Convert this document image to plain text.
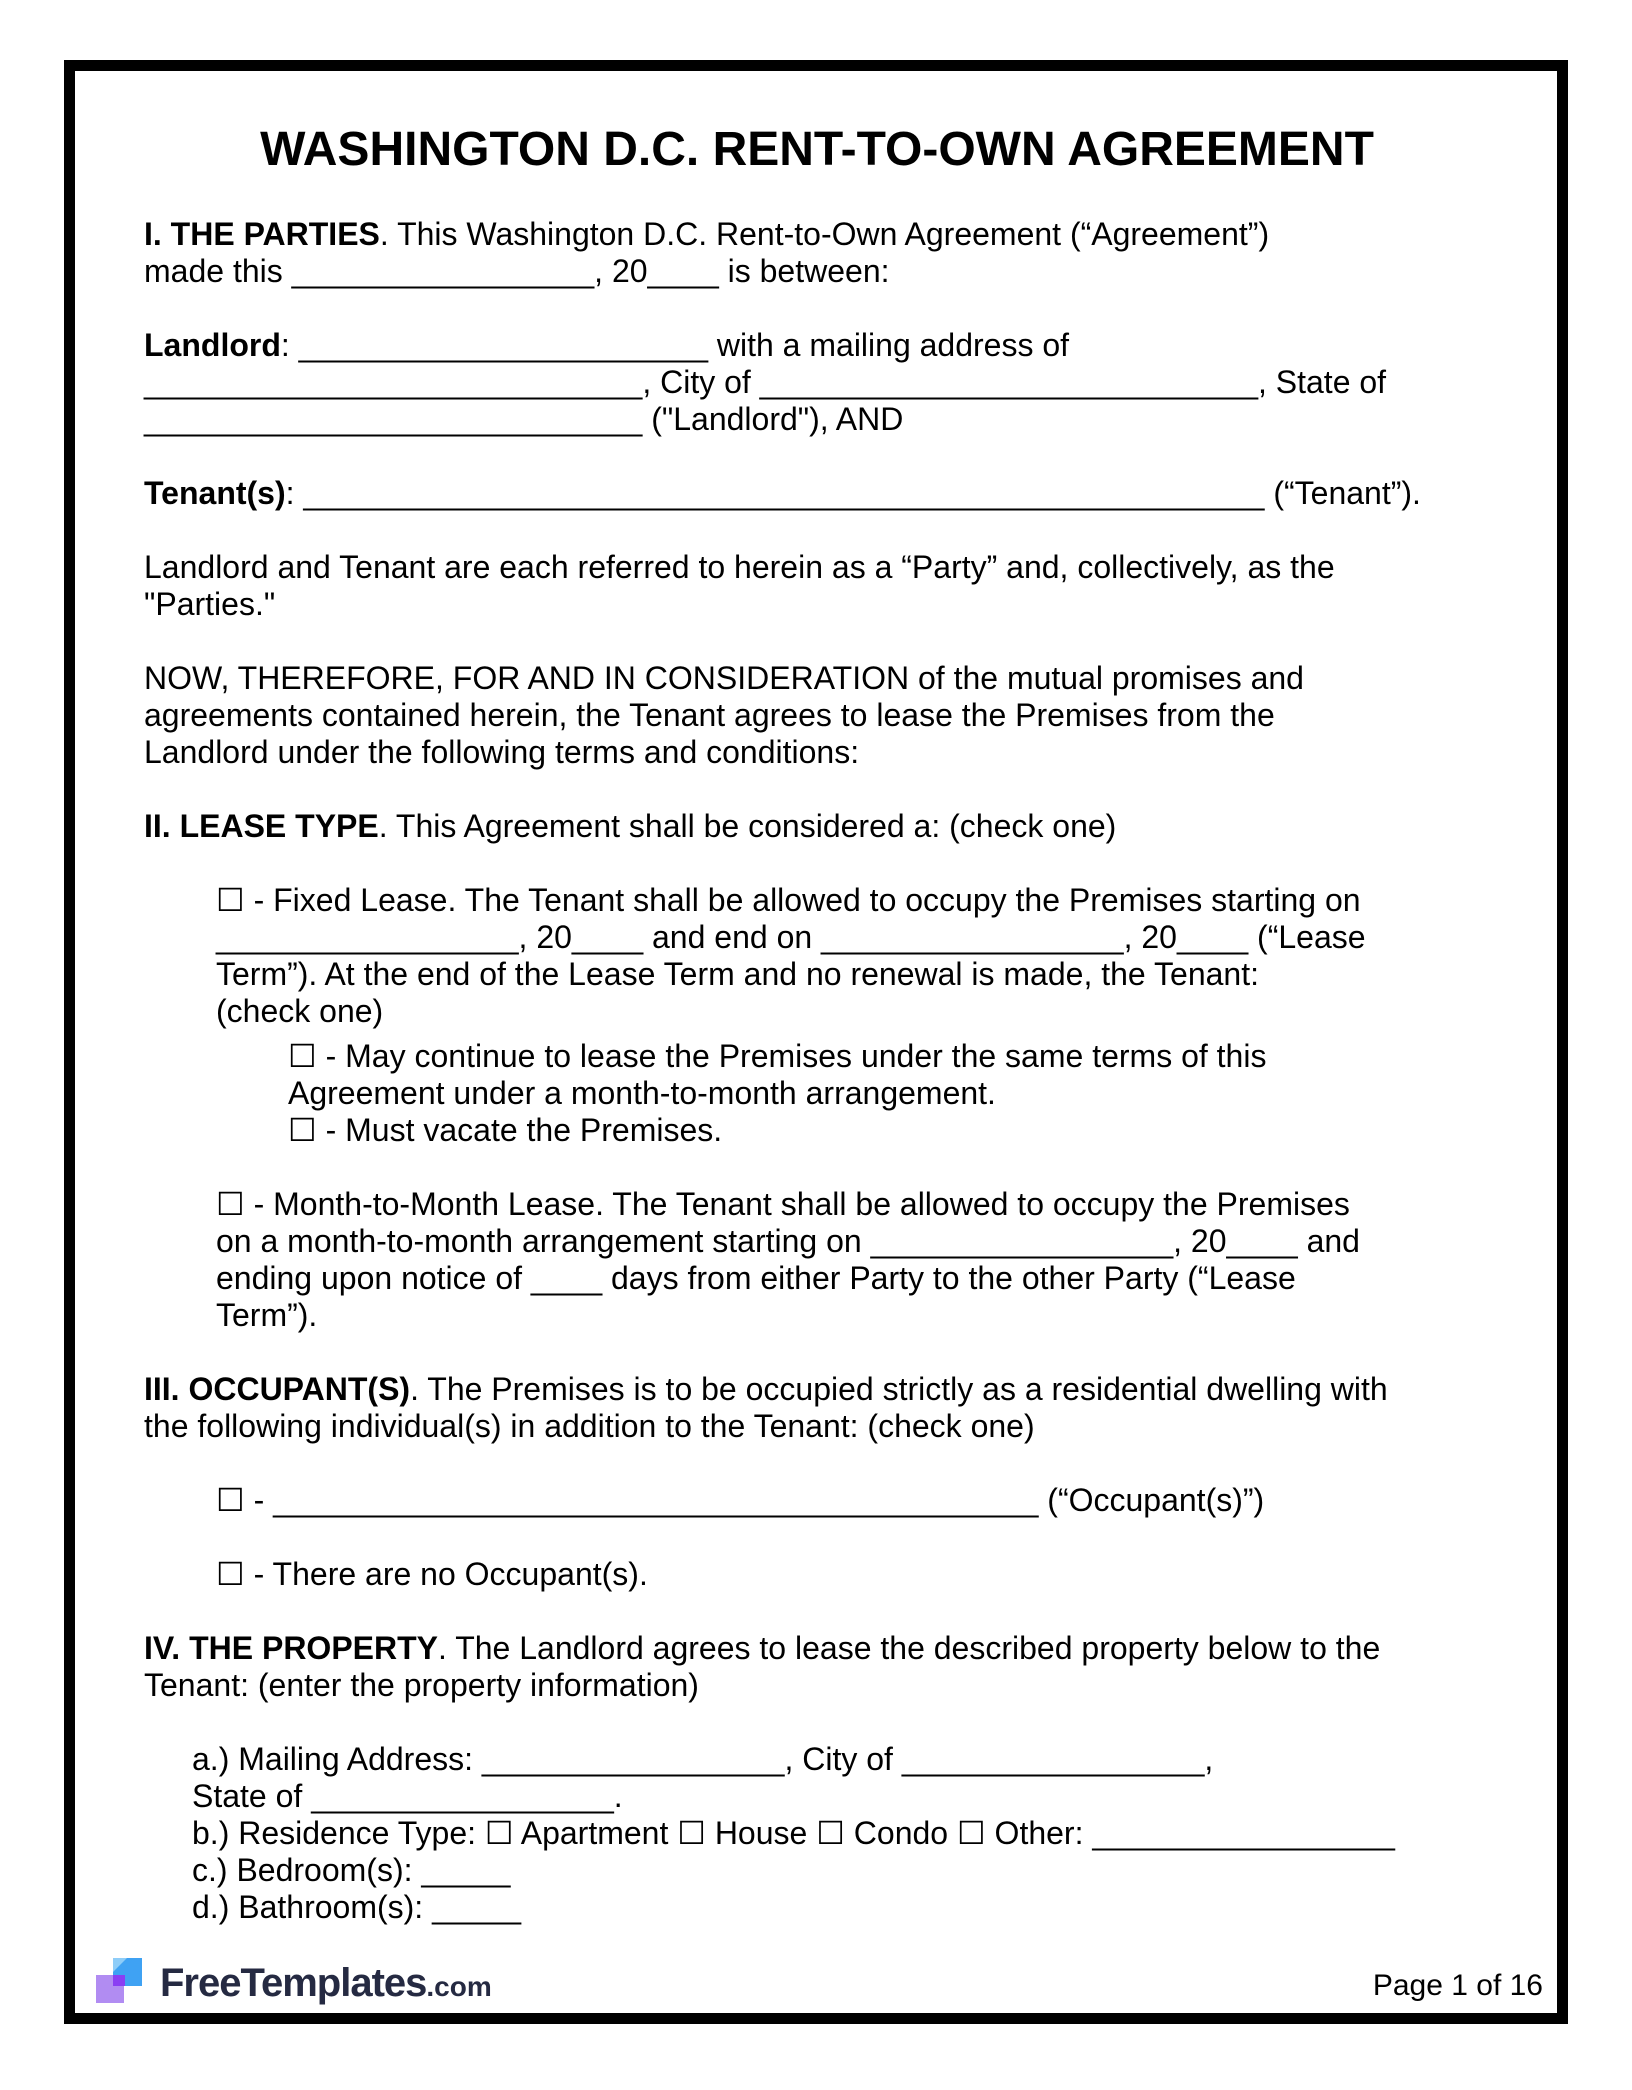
WASHINGTON D.C. RENT-TO-OWN AGREEMENT
I. THE PARTIES. This Washington D.C. Rent-to-Own Agreement (“Agreement”)
made this _________________, 20____ is between:
Landlord: _______________________ with a mailing address of
____________________________, City of ____________________________, State of
____________________________ ("Landlord"), AND
Tenant(s): ______________________________________________________ (“Tenant”).
Landlord and Tenant are each referred to herein as a “Party” and, collectively, as the
"Parties."
NOW, THEREFORE, FOR AND IN CONSIDERATION of the mutual promises and
agreements contained herein, the Tenant agrees to lease the Premises from the
Landlord under the following terms and conditions:
II. LEASE TYPE. This Agreement shall be considered a: (check one)
☐ - Fixed Lease. The Tenant shall be allowed to occupy the Premises starting on
_________________, 20____ and end on _________________, 20____ (“Lease
Term”). At the end of the Lease Term and no renewal is made, the Tenant:
(check one)
☐ - May continue to lease the Premises under the same terms of this
Agreement under a month-to-month arrangement.
☐ - Must vacate the Premises.
☐ - Month-to-Month Lease. The Tenant shall be allowed to occupy the Premises
on a month-to-month arrangement starting on _________________, 20____ and
ending upon notice of ____ days from either Party to the other Party (“Lease
Term”).
III. OCCUPANT(S). The Premises is to be occupied strictly as a residential dwelling with
the following individual(s) in addition to the Tenant: (check one)
☐ - ___________________________________________ (“Occupant(s)”)
☐ - There are no Occupant(s).
IV. THE PROPERTY. The Landlord agrees to lease the described property below to the
Tenant: (enter the property information)
a.) Mailing Address: _________________, City of _________________,
State of _________________.
b.) Residence Type: ☐ Apartment ☐ House ☐ Condo ☐ Other: _________________
c.) Bedroom(s): _____
d.) Bathroom(s): _____
FreeTemplates.com	Page 1 of 16
